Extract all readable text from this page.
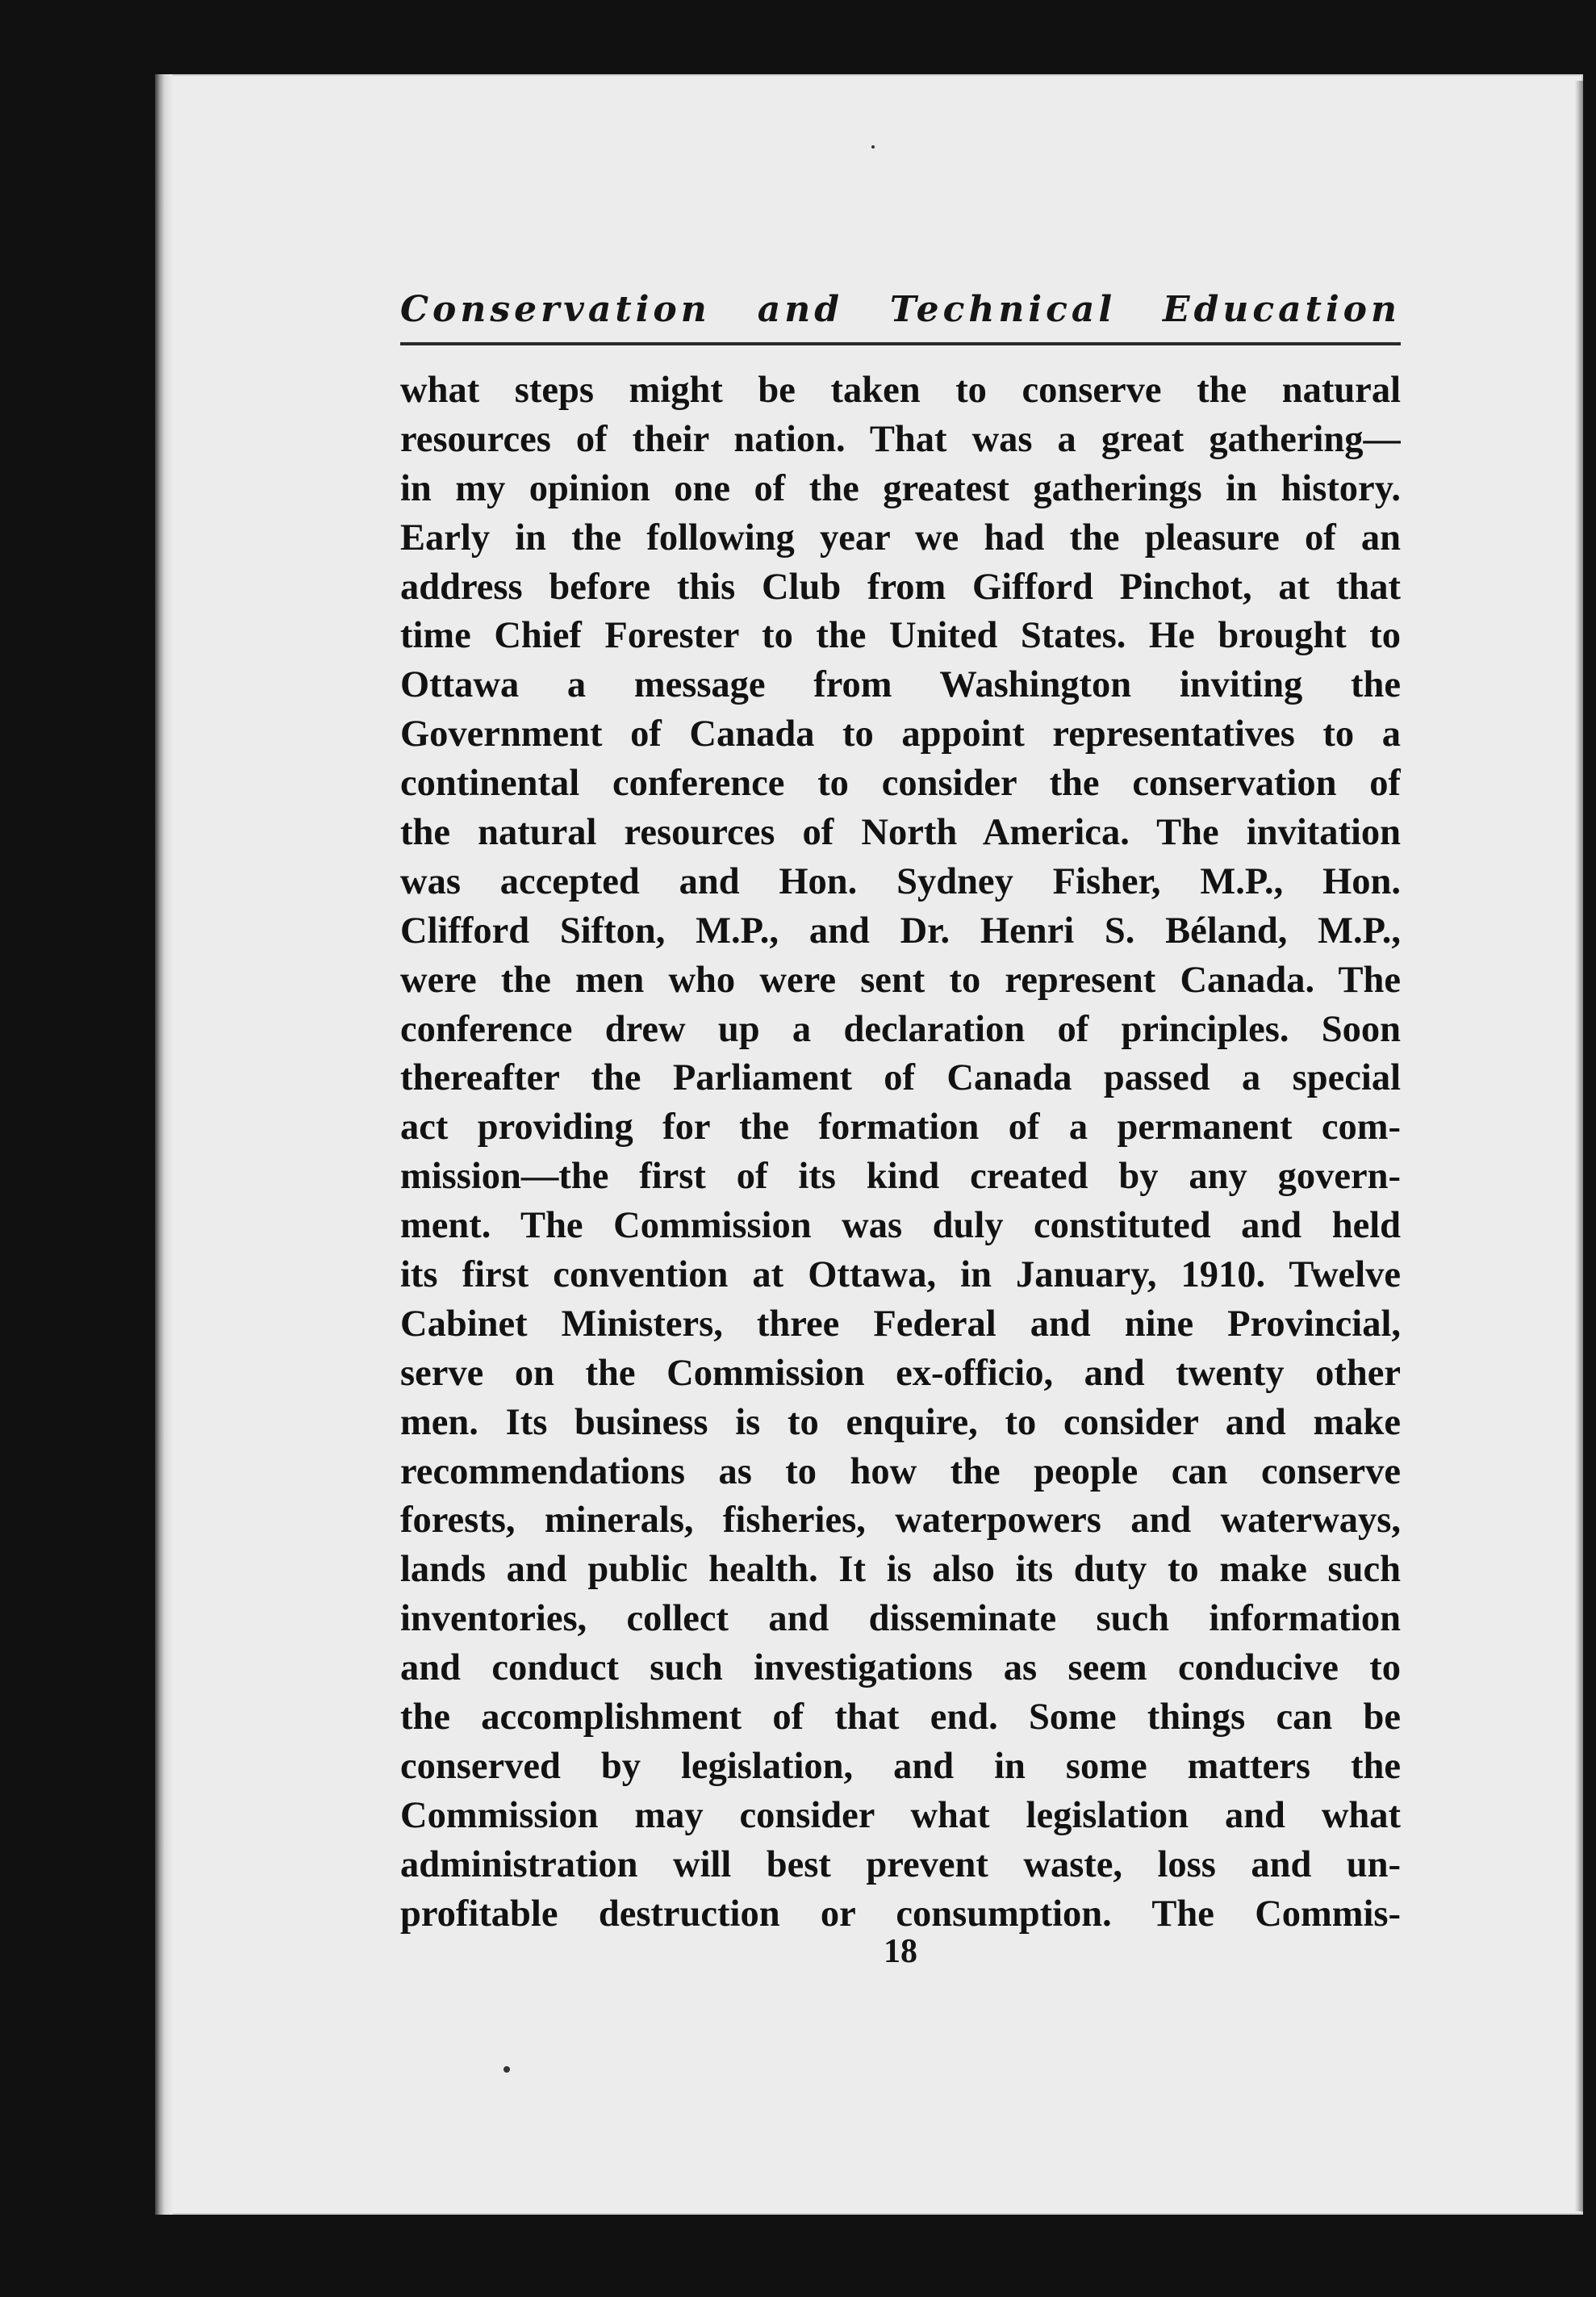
Conservation and Technical Education
what steps might be taken to conserve the natural
resources of their nation. That was a great gathering—
in my opinion one of the greatest gatherings in history.
Early in the following year we had the pleasure of an
address before this Club from Gifford Pinchot, at that
time Chief Forester to the United States. He brought to
Ottawa a message from Washington inviting the
Government of Canada to appoint representatives to a
continental conference to consider the conservation of
the natural resources of North America. The invitation
was accepted and Hon. Sydney Fisher, M.P., Hon.
Clifford Sifton, M.P., and Dr. Henri S. Béland, M.P.,
were the men who were sent to represent Canada. The
conference drew up a declaration of principles. Soon
thereafter the Parliament of Canada passed a special
act providing for the formation of a permanent com-
mission—the first of its kind created by any govern-
ment. The Commission was duly constituted and held
its first convention at Ottawa, in January, 1910. Twelve
Cabinet Ministers, three Federal and nine Provincial,
serve on the Commission ex-officio, and twenty other
men. Its business is to enquire, to consider and make
recommendations as to how the people can conserve
forests, minerals, fisheries, waterpowers and waterways,
lands and public health. It is also its duty to make such
inventories, collect and disseminate such information
and conduct such investigations as seem conducive to
the accomplishment of that end. Some things can be
conserved by legislation, and in some matters the
Commission may consider what legislation and what
administration will best prevent waste, loss and un-
profitable destruction or consumption. The Commis-
18
